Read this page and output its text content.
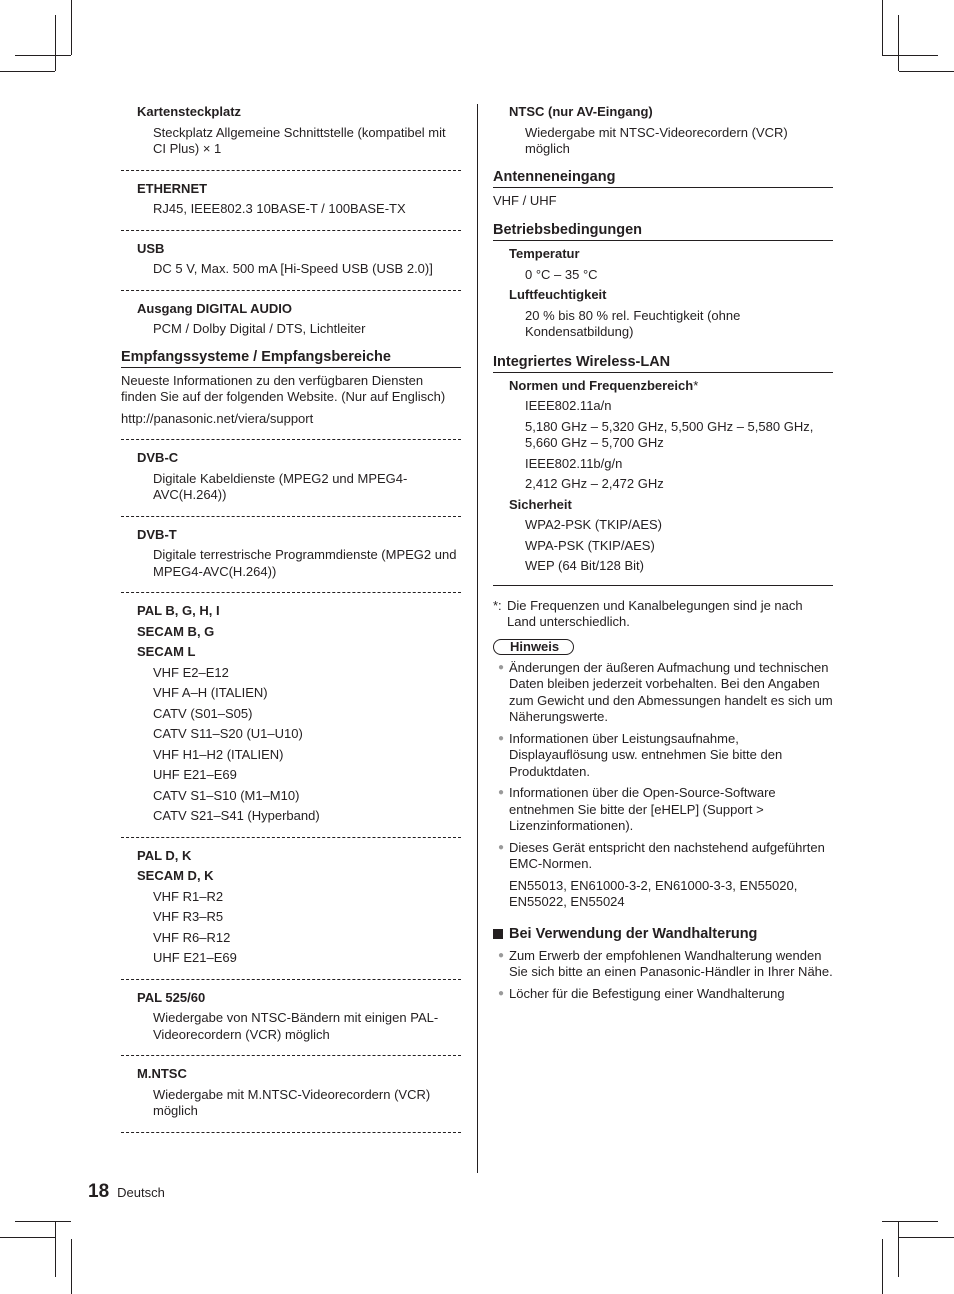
Kartensteckplatz
Steckplatz Allgemeine Schnittstelle (kompatibel mit CI Plus) × 1
ETHERNET
RJ45, IEEE802.3 10BASE-T / 100BASE-TX
USB
DC 5 V, Max. 500 mA [Hi-Speed USB (USB 2.0)]
Ausgang DIGITAL AUDIO
PCM / Dolby Digital / DTS, Lichtleiter
Empfangssysteme / Empfangsbereiche
Neueste Informationen zu den verfügbaren Diensten finden Sie auf der folgenden Website. (Nur auf Englisch)
http://panasonic.net/viera/support
DVB-C
Digitale Kabeldienste (MPEG2 und MPEG4-AVC(H.264))
DVB-T
Digitale terrestrische Programmdienste (MPEG2 und MPEG4-AVC(H.264))
PAL B, G, H, I
SECAM B, G
SECAM L
VHF E2–E12
VHF A–H (ITALIEN)
CATV (S01–S05)
CATV S11–S20 (U1–U10)
VHF H1–H2 (ITALIEN)
UHF E21–E69
CATV S1–S10 (M1–M10)
CATV S21–S41 (Hyperband)
PAL D, K
SECAM D, K
VHF R1–R2
VHF R3–R5
VHF R6–R12
UHF E21–E69
PAL 525/60
Wiedergabe von NTSC-Bändern mit einigen PAL-Videorecordern (VCR) möglich
M.NTSC
Wiedergabe mit M.NTSC-Videorecordern (VCR) möglich
NTSC (nur AV-Eingang)
Wiedergabe mit NTSC-Videorecordern (VCR) möglich
Antenneneingang
VHF / UHF
Betriebsbedingungen
Temperatur
0 °C – 35 °C
Luftfeuchtigkeit
20 % bis 80 % rel. Feuchtigkeit (ohne Kondensatbildung)
Integriertes Wireless-LAN
Normen und Frequenzbereich*
IEEE802.11a/n
5,180 GHz – 5,320 GHz, 5,500 GHz – 5,580 GHz, 5,660 GHz – 5,700 GHz
IEEE802.11b/g/n
2,412 GHz – 2,472 GHz
Sicherheit
WPA2-PSK (TKIP/AES)
WPA-PSK (TKIP/AES)
WEP (64 Bit/128 Bit)
*: Die Frequenzen und Kanalbelegungen sind je nach Land unterschiedlich.
Hinweis
● Änderungen der äußeren Aufmachung und technischen Daten bleiben jederzeit vorbehalten. Bei den Angaben zum Gewicht und den Abmessungen handelt es sich um Näherungswerte.
● Informationen über Leistungsaufnahme, Displayauflösung usw. entnehmen Sie bitte den Produktdaten.
● Informationen über die Open-Source-Software entnehmen Sie bitte der [eHELP] (Support > Lizenzinformationen).
● Dieses Gerät entspricht den nachstehend aufgeführten EMC-Normen.
EN55013, EN61000-3-2, EN61000-3-3, EN55020, EN55022, EN55024
Bei Verwendung der Wandhalterung
● Zum Erwerb der empfohlenen Wandhalterung wenden Sie sich bitte an einen Panasonic-Händler in Ihrer Nähe.
● Löcher für die Befestigung einer Wandhalterung
18 Deutsch
